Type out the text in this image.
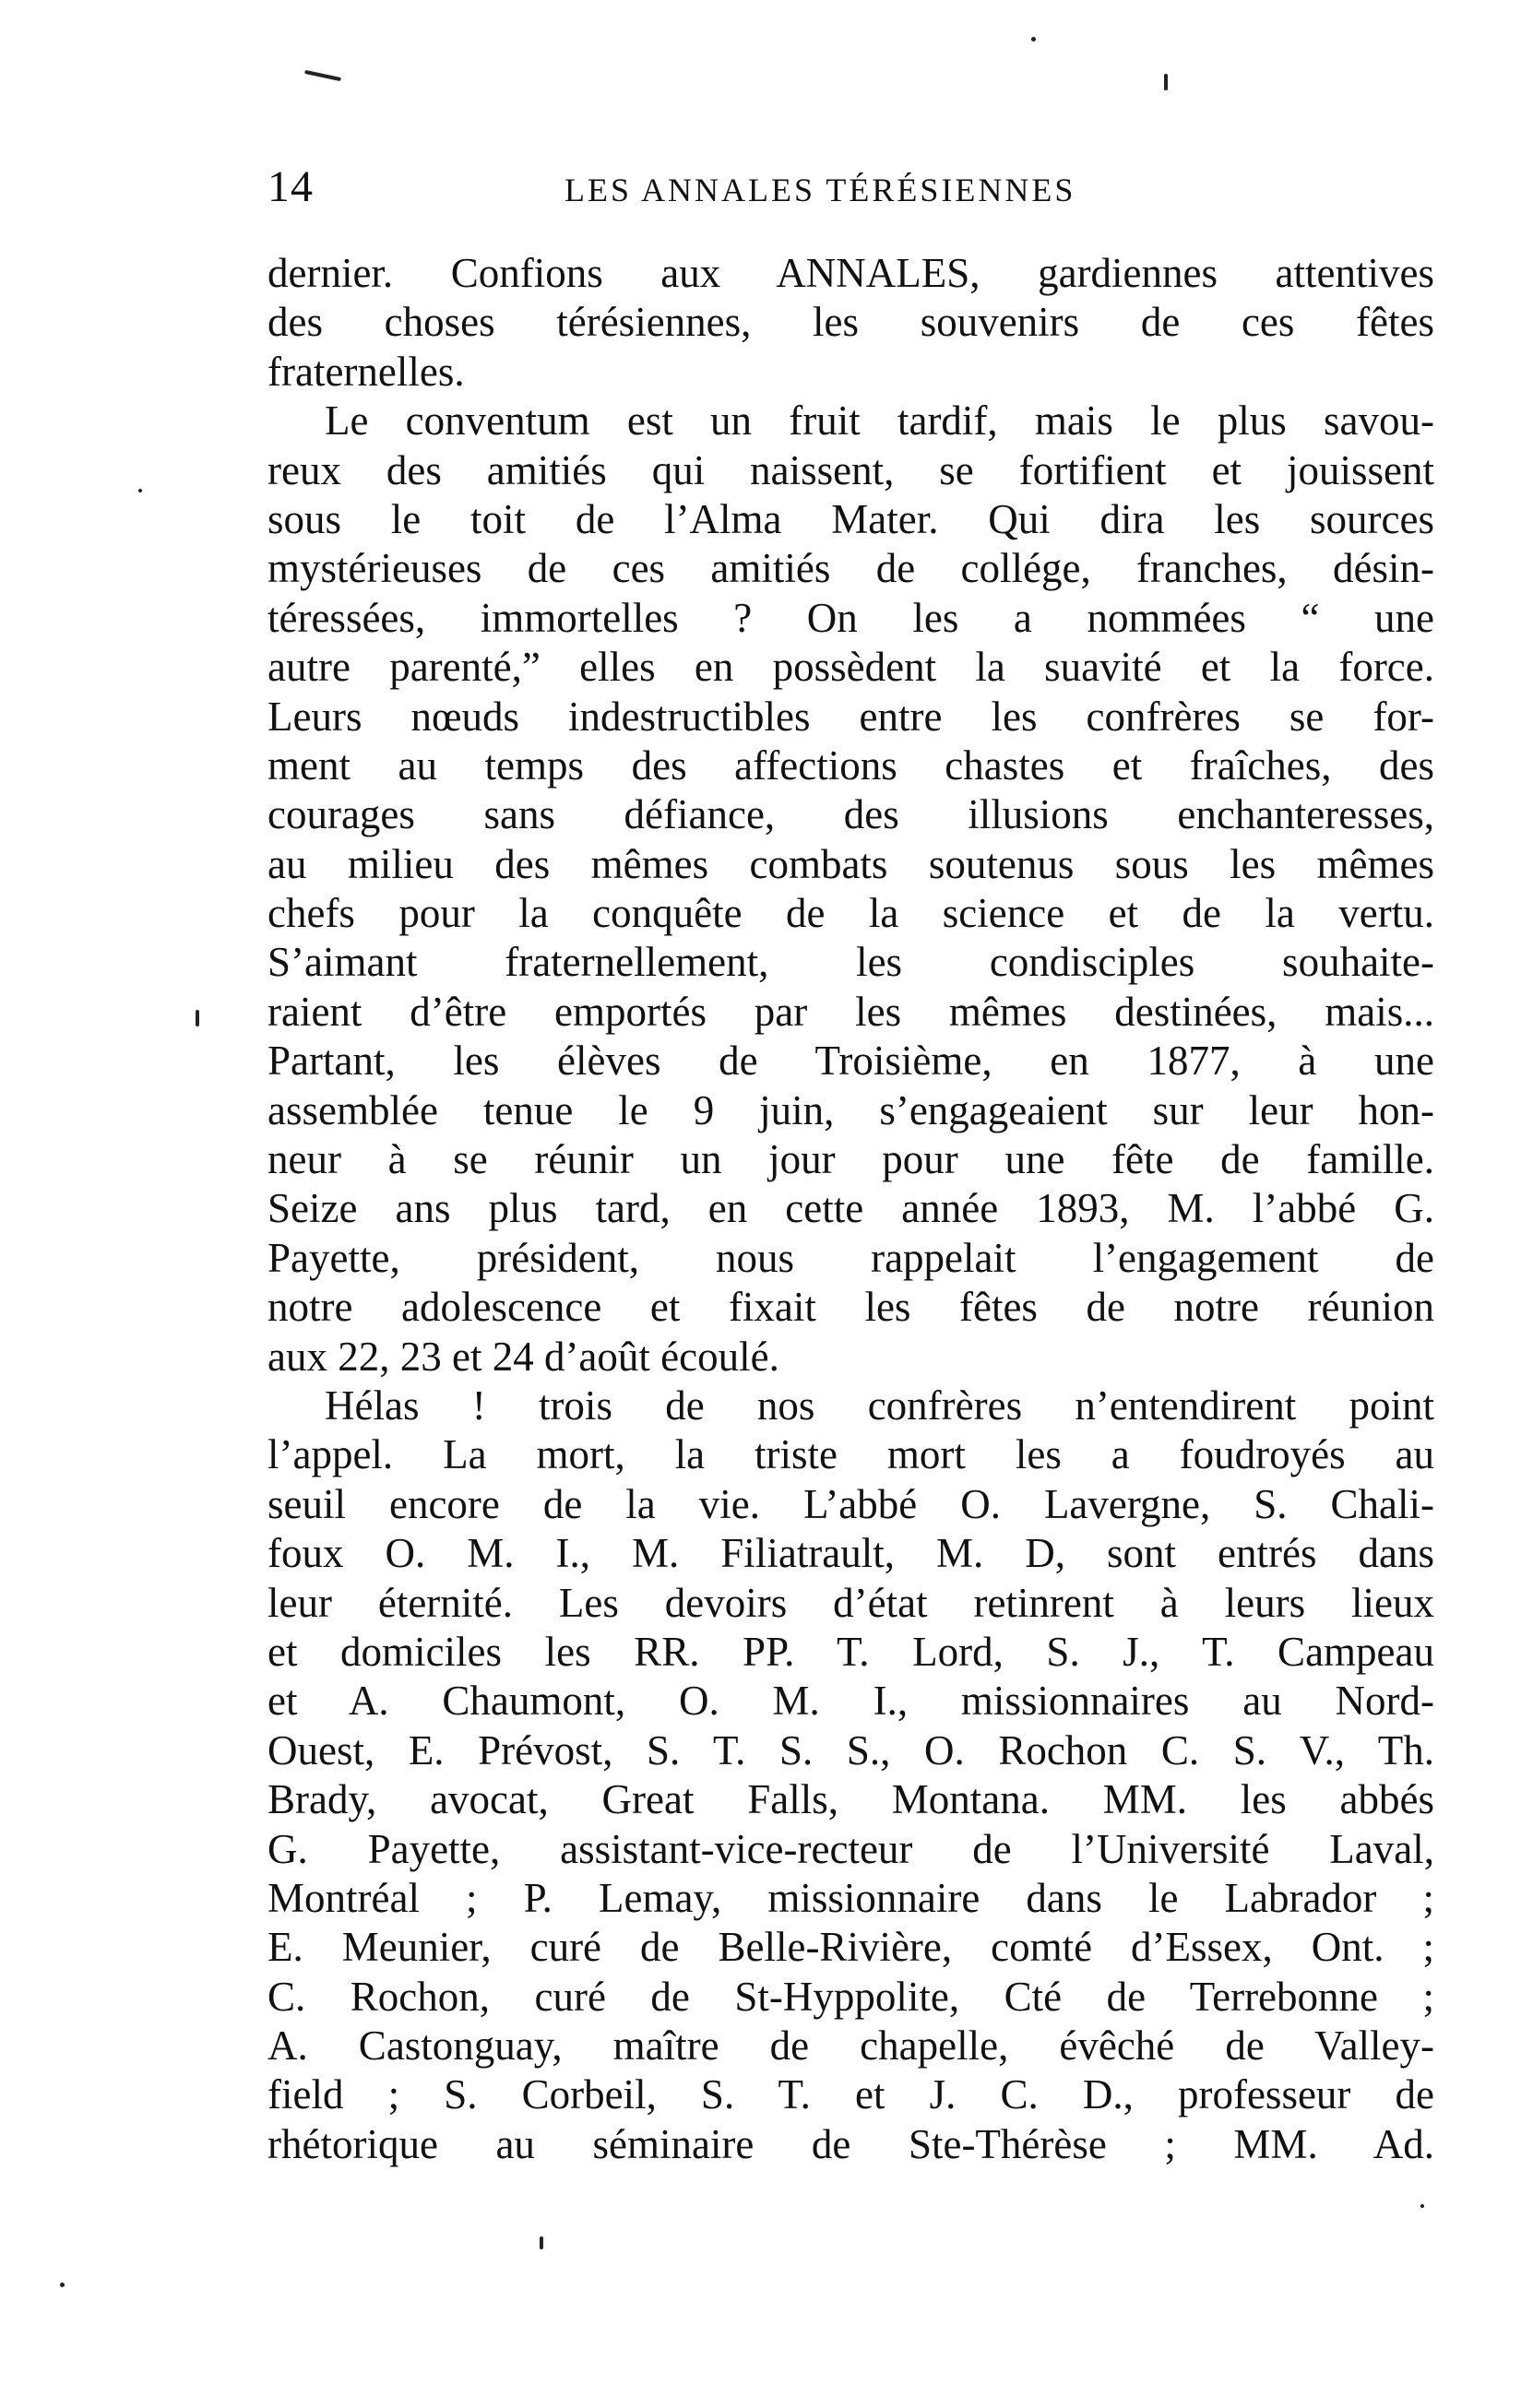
14	LES ANNALES TÉRÉSIENNES
dernier. Confions aux ANNALES, gardiennes attentives
des choses térésiennes, les souvenirs de ces fêtes
fraternelles.
Le conventum est un fruit tardif, mais le plus savou-
reux des amitiés qui naissent, se fortifient et jouissent
sous le toit de l’Alma Mater. Qui dira les sources
mystérieuses de ces amitiés de collége, franches, désin-
téressées, immortelles ? On les a nommées “ une
autre parenté,” elles en possèdent la suavité et la force.
Leurs nœuds indestructibles entre les confrères se for-
ment au temps des affections chastes et fraîches, des
courages sans défiance, des illusions enchanteresses,
au milieu des mêmes combats soutenus sous les mêmes
chefs pour la conquête de la science et de la vertu.
S’aimant fraternellement, les condisciples souhaite-
raient d’être emportés par les mêmes destinées, mais...
Partant, les élèves de Troisième, en 1877, à une
assemblée tenue le 9 juin, s’engageaient sur leur hon-
neur à se réunir un jour pour une fête de famille.
Seize ans plus tard, en cette année 1893, M. l’abbé G.
Payette, président, nous rappelait l’engagement de
notre adolescence et fixait les fêtes de notre réunion
aux 22, 23 et 24 d’août écoulé.
Hélas ! trois de nos confrères n’entendirent point
l’appel. La mort, la triste mort les a foudroyés au
seuil encore de la vie. L’abbé O. Lavergne, S. Chali-
foux O. M. I., M. Filiatrault, M. D, sont entrés dans
leur éternité. Les devoirs d’état retinrent à leurs lieux
et domiciles les RR. PP. T. Lord, S. J., T. Campeau
et A. Chaumont, O. M. I., missionnaires au Nord-
Ouest, E. Prévost, S. T. S. S., O. Rochon C. S. V., Th.
Brady, avocat, Great Falls, Montana. MM. les abbés
G. Payette, assistant-vice-recteur de l’Université Laval,
Montréal ; P. Lemay, missionnaire dans le Labrador ;
E. Meunier, curé de Belle-Rivière, comté d’Essex, Ont. ;
C. Rochon, curé de St-Hyppolite, Cté de Terrebonne ;
A. Castonguay, maître de chapelle, évêché de Valley-
field ; S. Corbeil, S. T. et J. C. D., professeur de
rhétorique au séminaire de Ste-Thérèse ; MM. Ad.
